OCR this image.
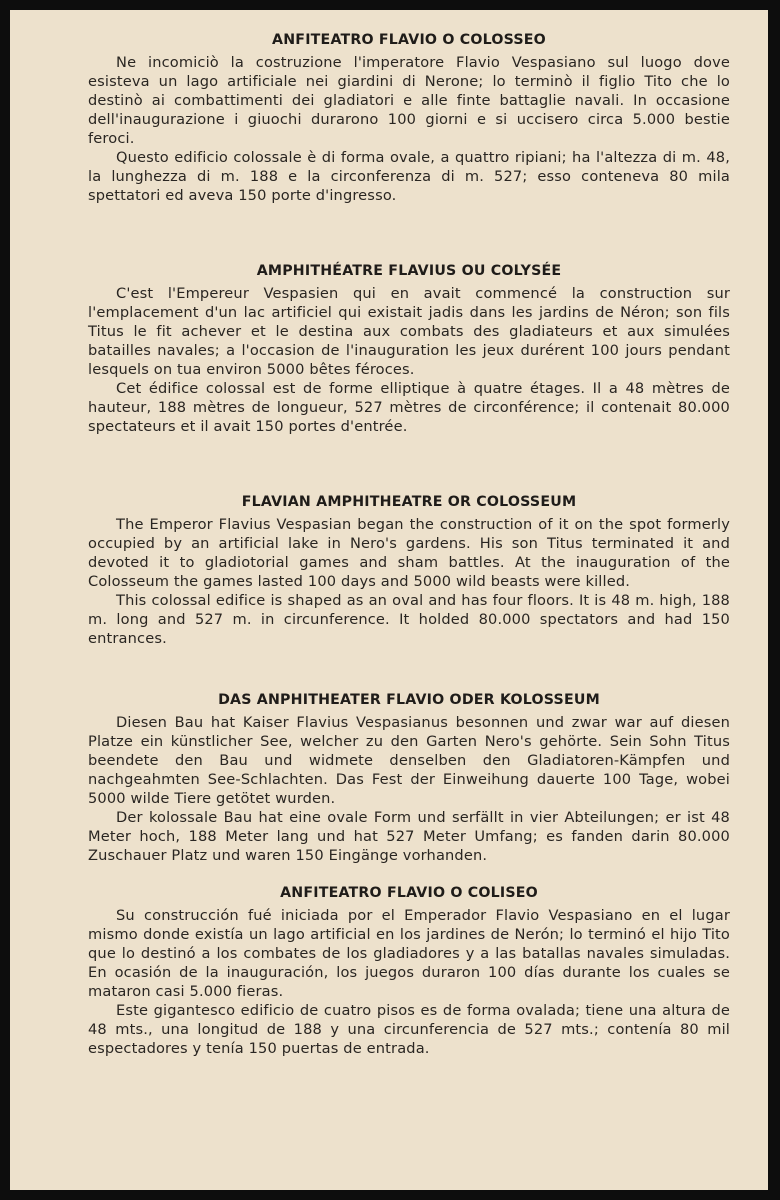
ANFITEATRO FLAVIO O COLOSSEO

Ne incomiciò la costruzione l'imperatore Flavio Vespasiano sul luogo dove esisteva un lago artificiale nei giardini di Nerone; lo terminò il figlio Tito che lo destinò ai combattimenti dei gladiatori e alle finte battaglie navali. In occasione dell'inaugurazione i giuochi durarono 100 giorni e si uccisero circa 5.000 bestie feroci.

Questo edificio colossale è di forma ovale, a quattro ripiani; ha l'altezza di m. 48, la lunghezza di m. 188 e la circonferenza di m. 527; esso conteneva 80 mila spettatori ed aveva 150 porte d'ingresso.

AMPHITHÉATRE FLAVIUS OU COLYSÉE

C'est l'Empereur Vespasien qui en avait commencé la construction sur l'emplacement d'un lac artificiel qui existait jadis dans les jardins de Néron; son fils Titus le fit achever et le destina aux combats des gladiateurs et aux simulées batailles navales; a l'occasion de l'inauguration les jeux durérent 100 jours pendant lesquels on tua environ 5000 bêtes féroces.

Cet édifice colossal est de forme elliptique à quatre étages. Il a 48 mètres de hauteur, 188 mètres de longueur, 527 mètres de circonférence; il contenait 80.000 spectateurs et il avait 150 portes d'entrée.

FLAVIAN AMPHITHEATRE OR COLOSSEUM

The Emperor Flavius Vespasian began the construction of it on the spot formerly occupied by an artificial lake in Nero's gardens. His son Titus terminated it and devoted it to gladiotorial games and sham battles. At the inauguration of the Colosseum the games lasted 100 days and 5000 wild beasts were killed.

This colossal edifice is shaped as an oval and has four floors. It is 48 m. high, 188 m. long and 527 m. in circunference. It holded 80.000 spectators and had 150 entrances.

DAS ANPHITHEATER FLAVIO ODER KOLOSSEUM

Diesen Bau hat Kaiser Flavius Vespasianus besonnen und zwar war auf diesen Platze ein künstlicher See, welcher zu den Garten Nero's gehörte. Sein Sohn Titus beendete den Bau und widmete denselben den Gladiatoren-Kämpfen und nachgeahmten See-Schlachten. Das Fest der Einweihung dauerte 100 Tage, wobei 5000 wilde Tiere getötet wurden.

Der kolossale Bau hat eine ovale Form und serfällt in vier Abteilungen; er ist 48 Meter hoch, 188 Meter lang und hat 527 Meter Umfang; es fanden darin 80.000 Zuschauer Platz und waren 150 Eingänge vorhanden.

ANFITEATRO FLAVIO O COLISEO

Su construcción fué iniciada por el Emperador Flavio Vespasiano en el lugar mismo donde existía un lago artificial en los jardines de Nerón; lo terminó el hijo Tito que lo destinó a los combates de los gladiadores y a las batallas navales simuladas. En ocasión de la inauguración, los juegos duraron 100 días durante los cuales se mataron casi 5.000 fieras.

Este gigantesco edificio de cuatro pisos es de forma ovalada; tiene una altura de 48 mts., una longitud de 188 y una circunferencia de 527 mts.; contenía 80 mil espectadores y tenía 150 puertas de entrada.
